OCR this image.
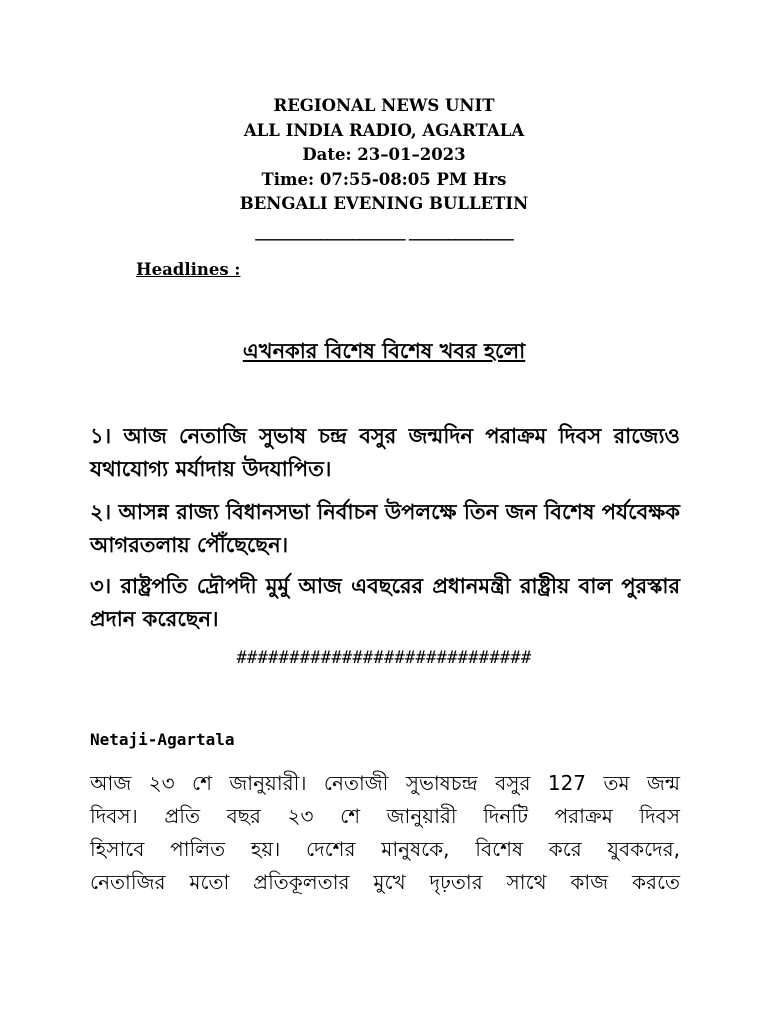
REGIONAL NEWS UNIT
ALL INDIA RADIO, AGARTALA
Date: 23–01–2023
Time: 07:55-08:05 PM Hrs
BENGALI EVENING BULLETIN
_______________________ ________________
Headlines :
এখনকার বিশেষ বিশেষ খবর হলো
১। আজ নেতাজি সুভাষ চন্দ্র বসুর জন্মদিন পরাক্রম দিবস রাজ্যেও যথাযোগ্য মর্যাদায় উদযাপিত।
২। আসন্ন রাজ্য বিধানসভা নির্বাচন উপলক্ষে তিন জন বিশেষ পর্যবেক্ষক আগরতলায় পৌঁছেছেন।
৩। রাষ্ট্রপতি দ্রৌপদী মুর্মু আজ এবছরের প্রধানমন্ত্রী রাষ্ট্রীয় বাল পুরস্কার প্রদান করেছেন।
############################
Netaji-Agartala
আজ ২৩ শে জানুয়ারী। নেতাজী সুভাষচন্দ্র বসুর 127 তম জন্ম
দিবস। প্রতি বছর ২৩ শে জানুয়ারী দিনটি পরাক্রম দিবস
হিসাবে পালিত হয়। দেশের মানুষকে, বিশেষ করে যুবকদের,
নেতাজির মতো প্রতিকূলতার মুখে দৃঢ়তার সাথে কাজ করতে
